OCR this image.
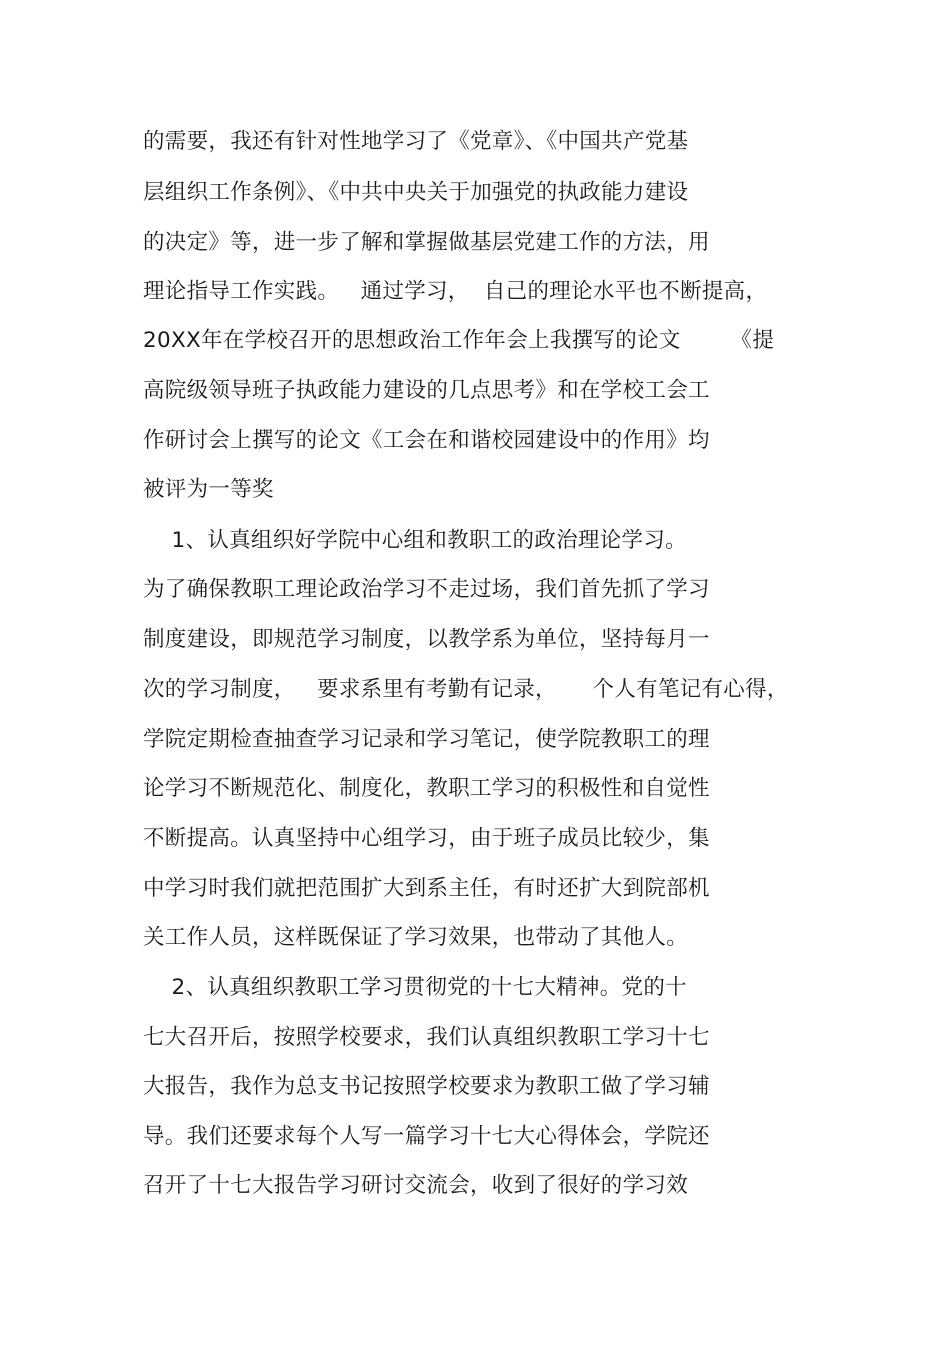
的需要，我还有针对性地学习了《党章》、《中国共产党基
层组织工作条例》、《中共中央关于加强党的执政能力建设
的决定》等，进一步了解和掌握做基层党建工作的方法，用
理论指导工作实践。   通过学习，  自己的理论水平也不断提高，
20XX年在学校召开的思想政治工作年会上我撰写的论文       《提
高院级领导班子执政能力建设的几点思考》和在学校工会工
作研讨会上撰写的论文《工会在和谐校园建设中的作用》均
被评为一等奖
1、认真组织好学院中心组和教职工的政治理论学习。
为了确保教职工理论政治学习不走过场，我们首先抓了学习
制度建设，即规范学习制度，以教学系为单位，坚持每月一
次的学习制度，   要求系里有考勤有记录，     个人有笔记有心得，
学院定期检查抽查学习记录和学习笔记，使学院教职工的理
论学习不断规范化、制度化，教职工学习的积极性和自觉性
不断提高。认真坚持中心组学习，由于班子成员比较少，集
中学习时我们就把范围扩大到系主任，有时还扩大到院部机
关工作人员，这样既保证了学习效果，也带动了其他人。
2、认真组织教职工学习贯彻党的十七大精神。党的十
七大召开后，按照学校要求，我们认真组织教职工学习十七
大报告，我作为总支书记按照学校要求为教职工做了学习辅
导。我们还要求每个人写一篇学习十七大心得体会，学院还
召开了十七大报告学习研讨交流会，收到了很好的学习效
